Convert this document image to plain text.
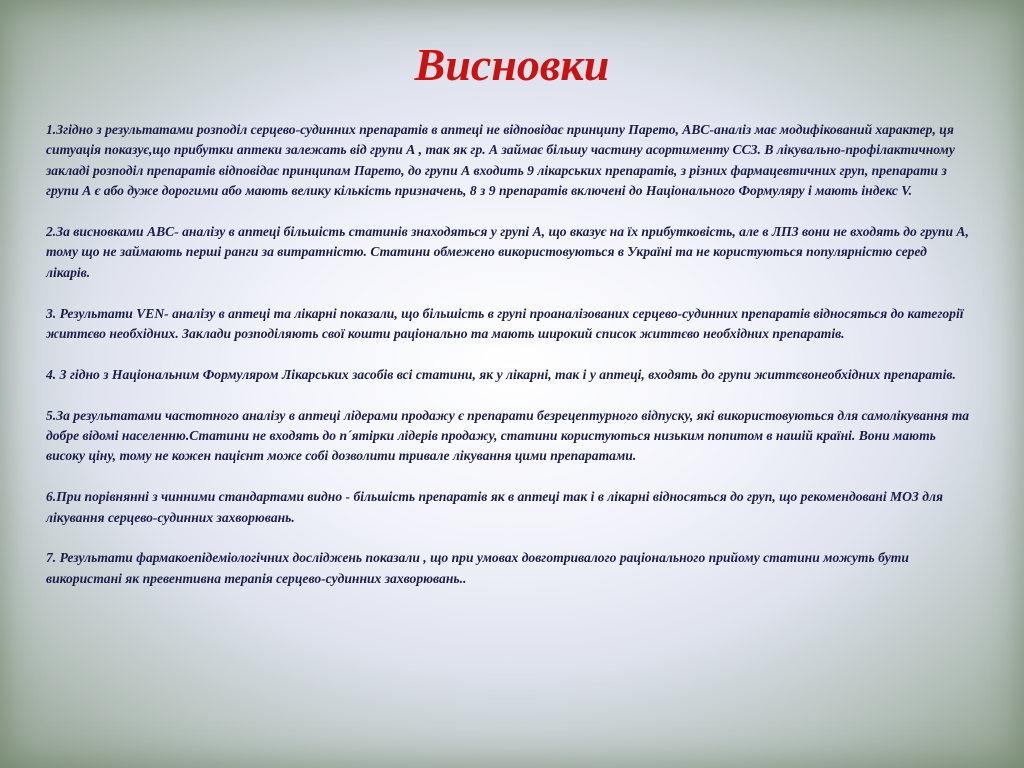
Висновки

1.Згідно з результатами розподіл серцево-судинних препаратів в аптеці не відповідає принципу Парето, ABC-аналіз має модифікований характер, ця ситуація показує,що прибутки аптеки залежать від групи А , так як гр. А займає більшу частину асортименту ССЗ. В лікувально-профілактичному закладі розподіл препаратів відповідає принципам Парето, до групи А входить 9 лікарських препаратів, з різних фармацевтичних груп, препарати з групи А є або дуже дорогими або мають велику кількість призначень, 8 з 9 препаратів включені до Національного Формуляру і мають індекс V.

2.За висновками ABC- аналізу в аптеці більшість статинів знаходяться у групі А, що вказує на їх прибутковість, але в ЛПЗ вони не входять до групи А, тому що не займають перші ранги за витратністю. Статини обмежено використовуються в Україні та не користуються популярністю серед лікарів.

3. Результати VEN- аналізу в аптеці та лікарні показали, що більшість в групі проаналізованих серцево-судинних препаратів відносяться до категорії життєво необхідних. Заклади розподіляють свої кошти раціонально та мають широкий список життєво необхідних препаратів.

4. З гідно з Національним Формуляром Лікарських засобів всі статини, як у лікарні, так і у аптеці, входять до групи життєвонеобхідних препаратів.

5.За результатами частотного аналізу в аптеці лідерами продажу є препарати безрецептурного відпуску, які використовуються для самолікування та добре відомі населенню.Статини не входять до п´ятірки лідерів продажу, статини користуються низьким попитом в нашій країні. Вони мають високу ціну, тому не кожен пацієнт може собі дозволити тривале лікування цими препаратами.

6.При порівнянні з чинними стандартами видно - більшість препаратів як в аптеці так і в лікарні відносяться до груп, що рекомендовані МОЗ для лікування серцево-судинних захворювань.

7. Результати фармакоепідеміологічних досліджень показали , що при умовах довготривалого раціонального прийому статини можуть бути використані як превентивна терапія серцево-судинних захворювань..
